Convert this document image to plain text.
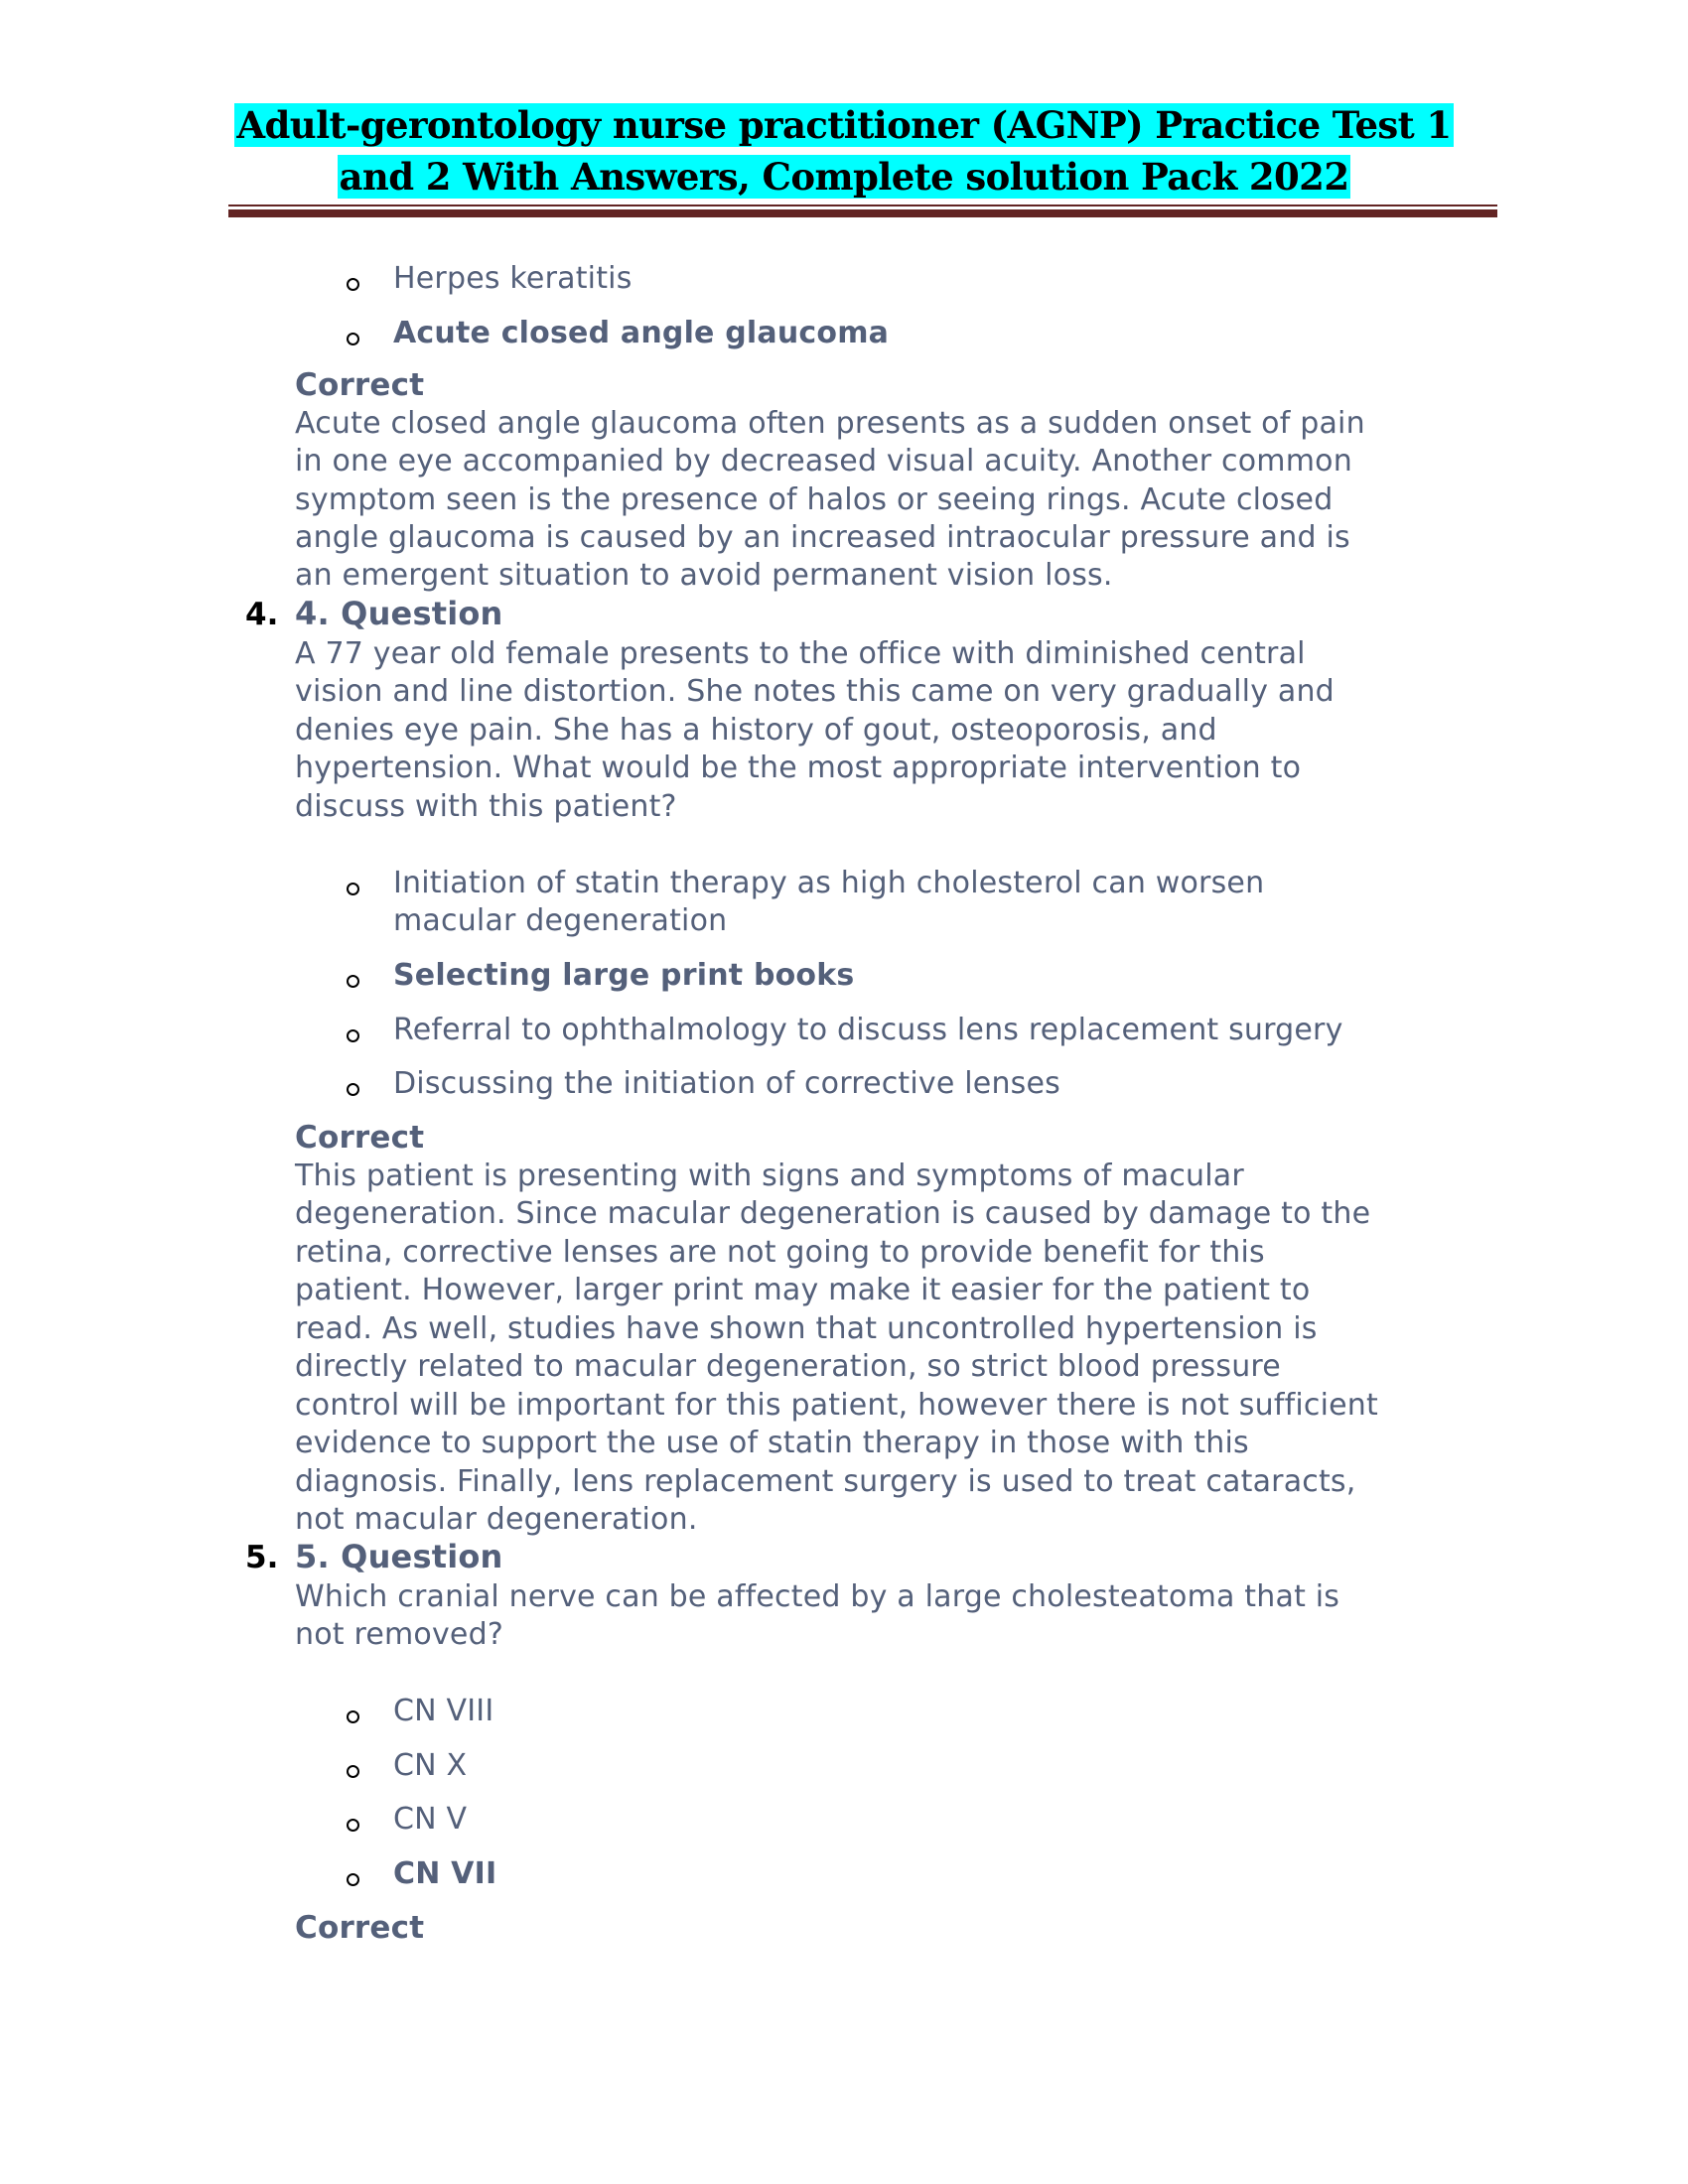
Adult-gerontology nurse practitioner (AGNP) Practice Test 1
and 2 With Answers, Complete solution Pack 2022
Herpes keratitis
Acute closed angle glaucoma
Correct
Acute closed angle glaucoma often presents as a sudden onset of pain
in one eye accompanied by decreased visual acuity. Another common
symptom seen is the presence of halos or seeing rings. Acute closed
angle glaucoma is caused by an increased intraocular pressure and is
an emergent situation to avoid permanent vision loss.
4. 4. Question
A 77 year old female presents to the office with diminished central
vision and line distortion. She notes this came on very gradually and
denies eye pain. She has a history of gout, osteoporosis, and
hypertension. What would be the most appropriate intervention to
discuss with this patient?
Initiation of statin therapy as high cholesterol can worsen
macular degeneration
Selecting large print books
Referral to ophthalmology to discuss lens replacement surgery
Discussing the initiation of corrective lenses
Correct
This patient is presenting with signs and symptoms of macular
degeneration. Since macular degeneration is caused by damage to the
retina, corrective lenses are not going to provide benefit for this
patient. However, larger print may make it easier for the patient to
read. As well, studies have shown that uncontrolled hypertension is
directly related to macular degeneration, so strict blood pressure
control will be important for this patient, however there is not sufficient
evidence to support the use of statin therapy in those with this
diagnosis. Finally, lens replacement surgery is used to treat cataracts,
not macular degeneration.
5. 5. Question
Which cranial nerve can be affected by a large cholesteatoma that is
not removed?
CN VIII
CN X
CN V
CN VII
Correct
